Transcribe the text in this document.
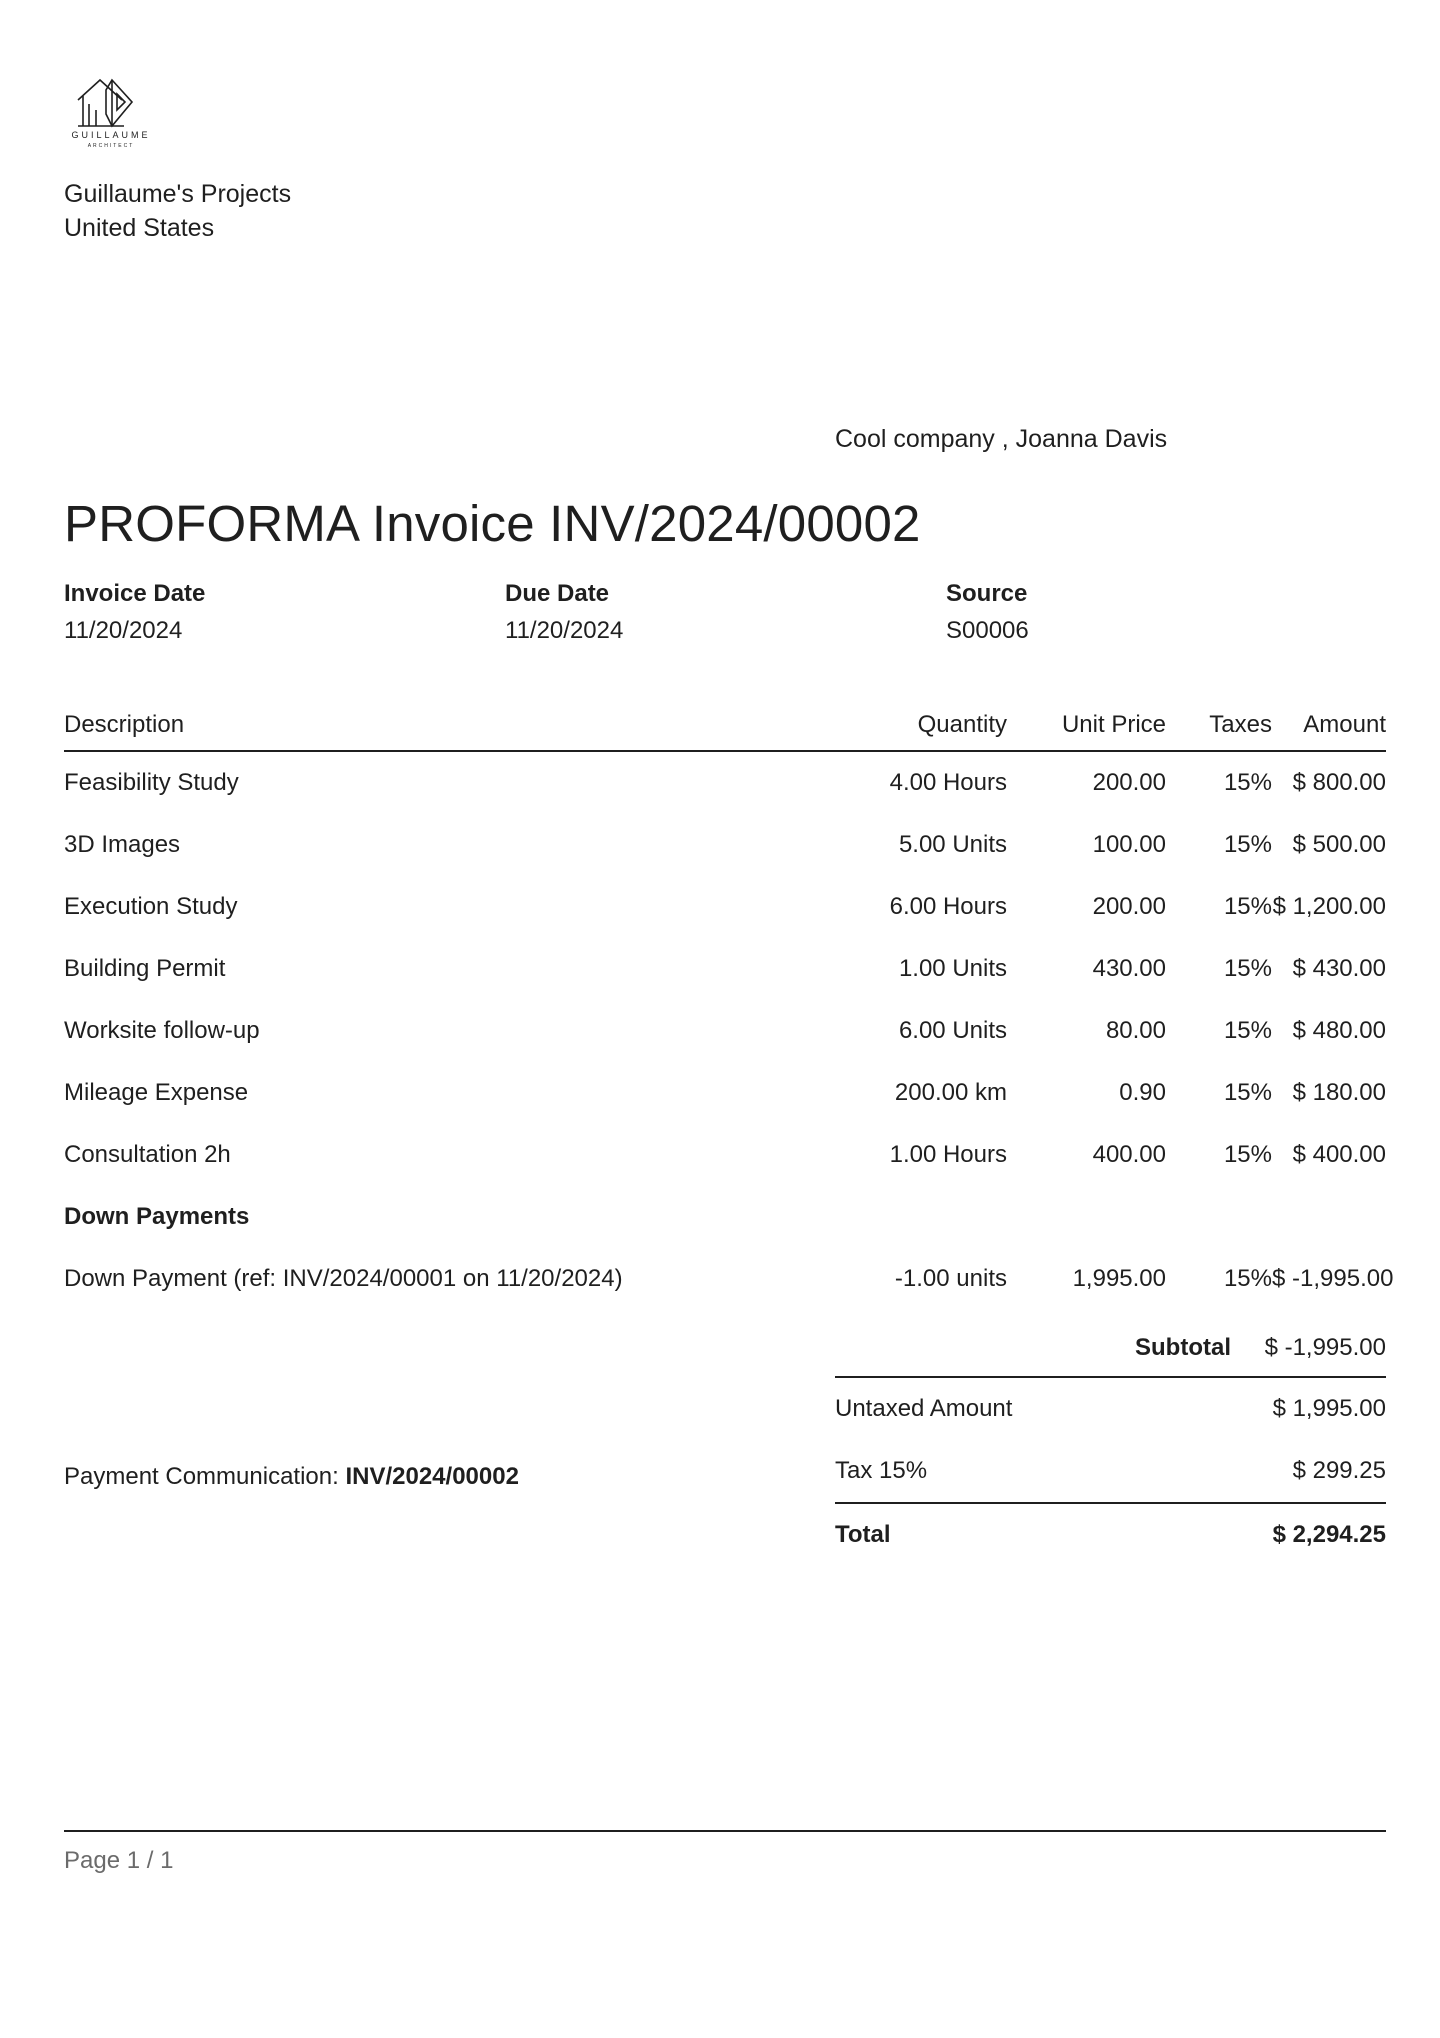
GUILLAUME
ARCHITECT
Guillaume's Projects
United States
Cool company , Joanna Davis
PROFORMA Invoice INV/2024/00002
Invoice Date
11/20/2024
Due Date
11/20/2024
Source
S00006
Description	Quantity	Unit Price	Taxes	Amount
Feasibility Study	4.00 Hours	200.00	15%	$ 800.00
3D Images	5.00 Units	100.00	15%	$ 500.00
Execution Study	6.00 Hours	200.00	15%	$ 1,200.00
Building Permit	1.00 Units	430.00	15%	$ 430.00
Worksite follow-up	6.00 Units	80.00	15%	$ 480.00
Mileage Expense	200.00 km	0.90	15%	$ 180.00
Consultation 2h	1.00 Hours	400.00	15%	$ 400.00
Down Payments				
Down Payment (ref: INV/2024/00001 on 11/20/2024)	-1.00 units	1,995.00	15%	$ -1,995.00
Subtotal $ -1,995.00
Untaxed Amount	$ 1,995.00
Tax 15%	$ 299.25
Total	$ 2,294.25
Payment Communication: INV/2024/00002
Page 1 / 1
